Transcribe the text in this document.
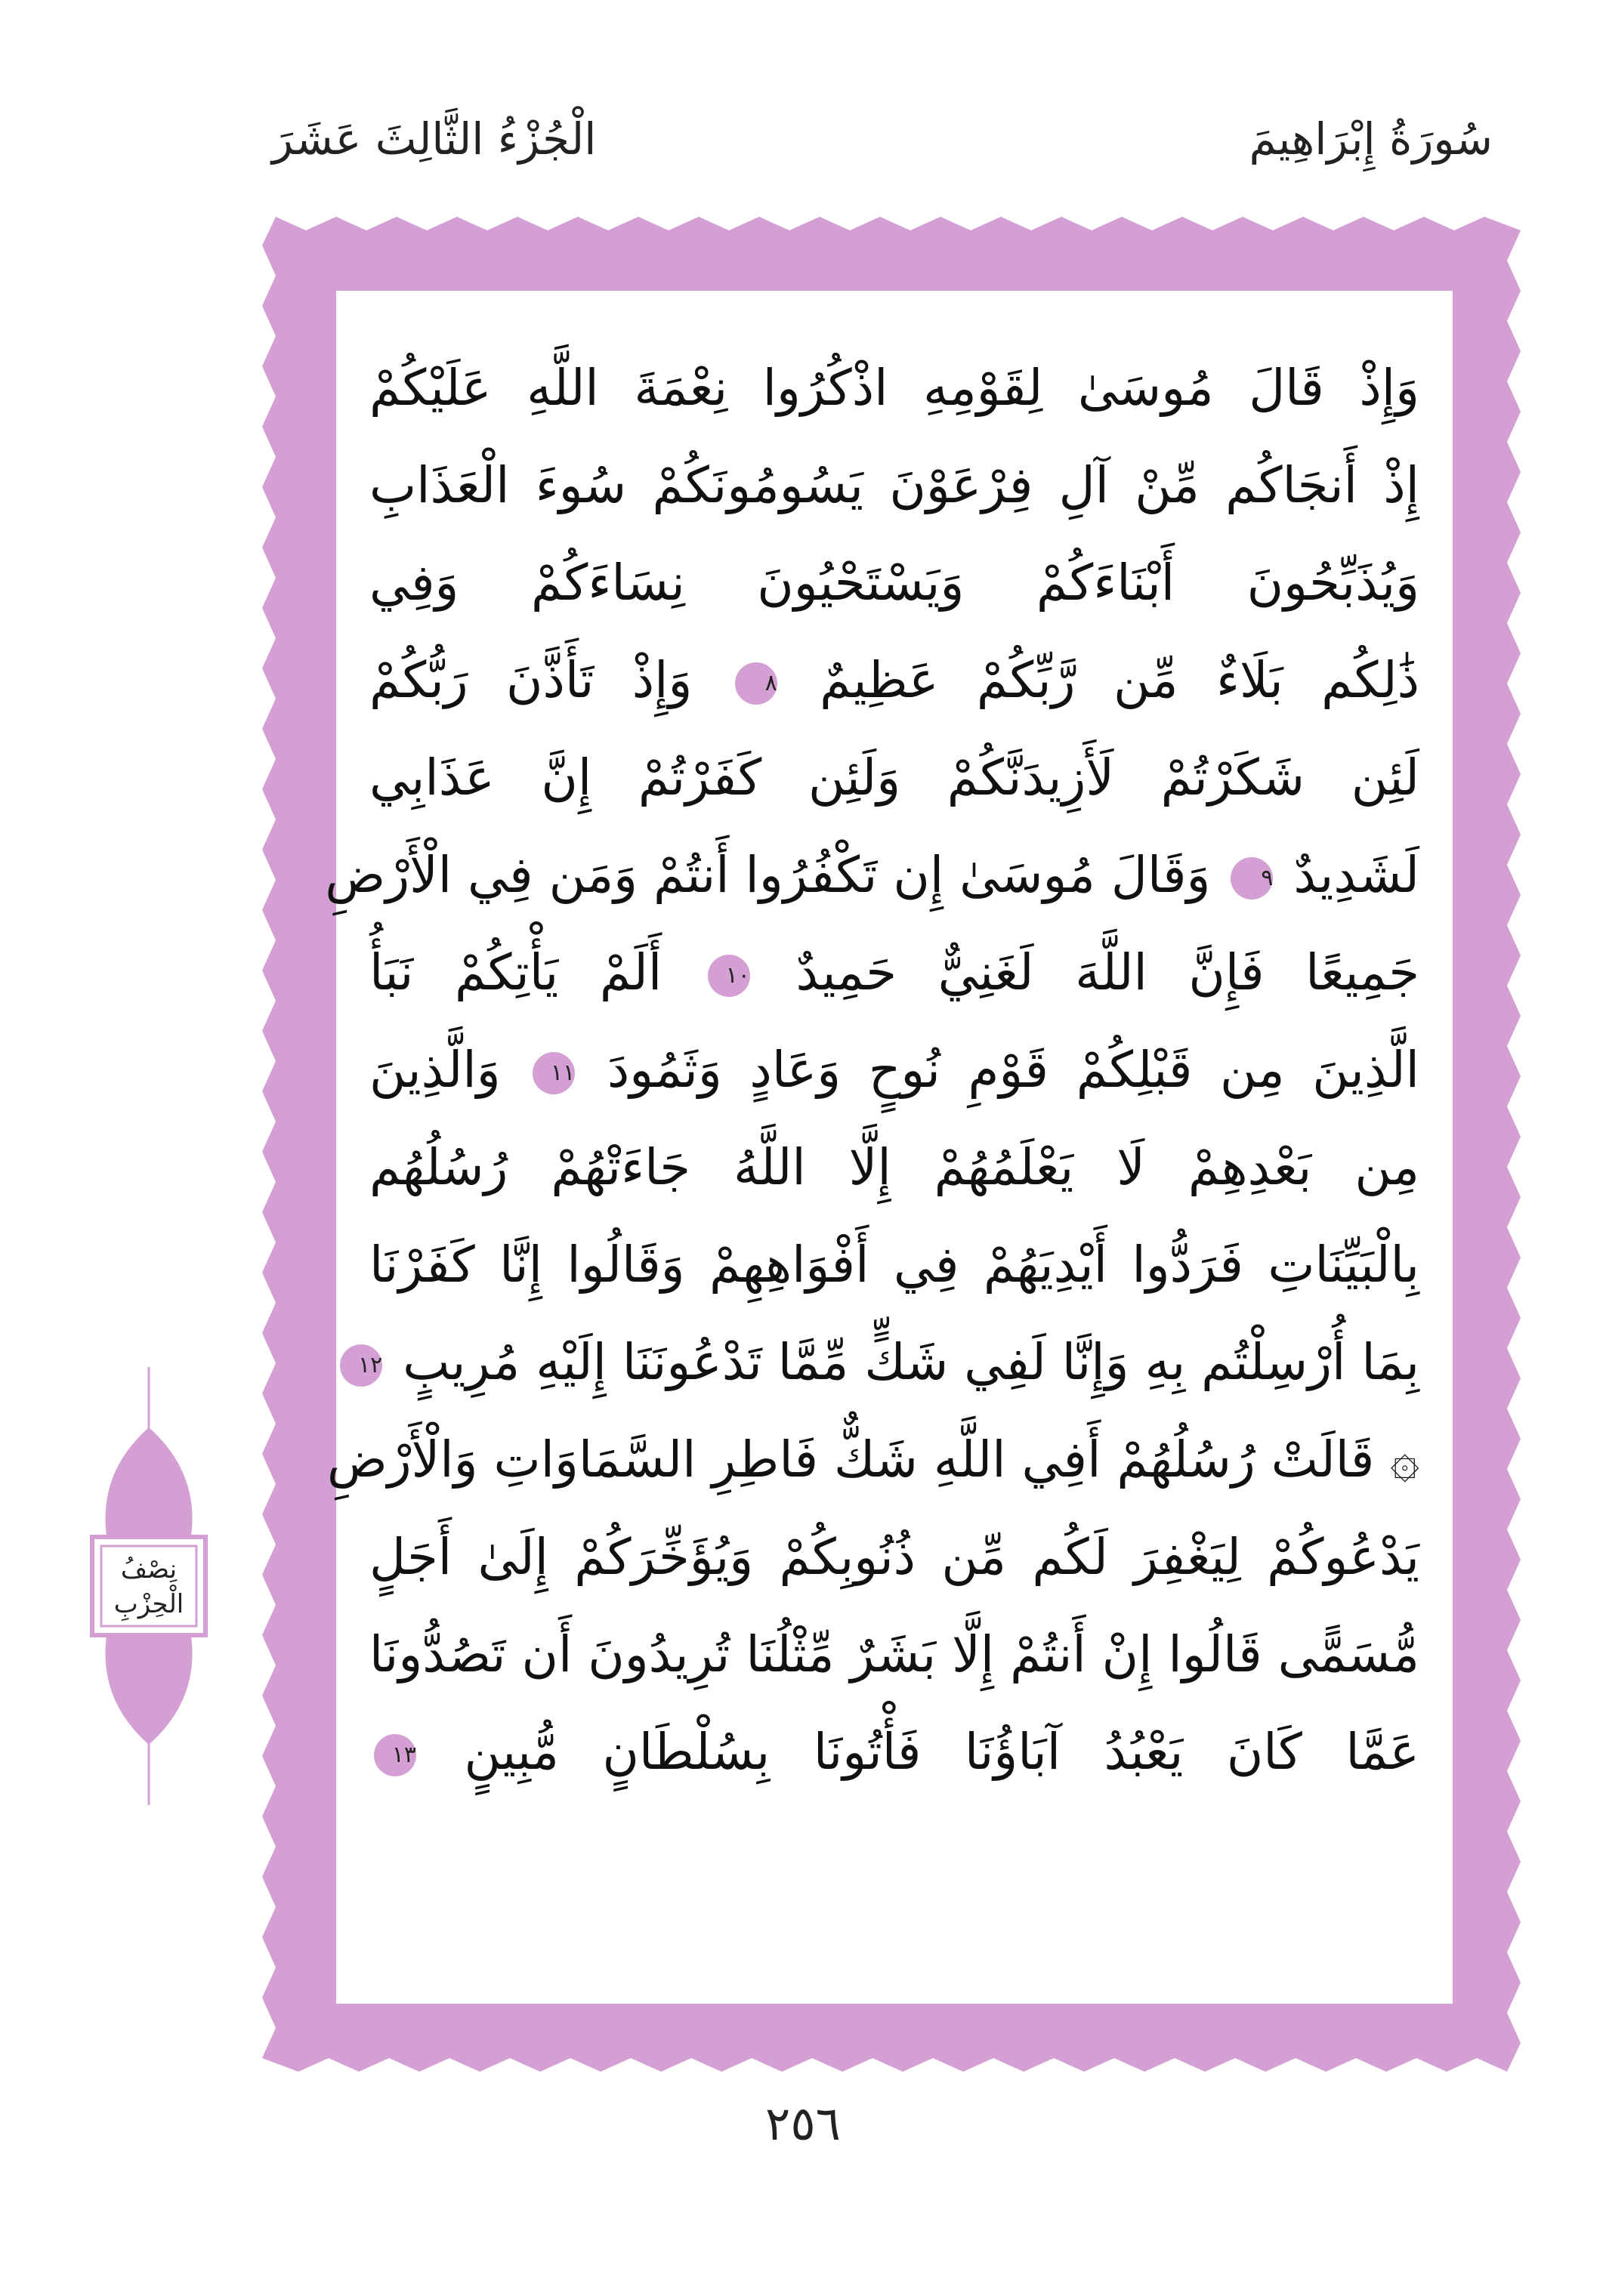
سُورَةُ إِبْرَاهِيمَ
الْجُزْءُ الثَّالِثَ عَشَرَ
وَإِذْ قَالَ مُوسَىٰ لِقَوْمِهِ اذْكُرُوا نِعْمَةَ اللَّهِ عَلَيْكُمْ
إِذْ أَنجَاكُم مِّنْ آلِ فِرْعَوْنَ يَسُومُونَكُمْ سُوءَ الْعَذَابِ
وَيُذَبِّحُونَ أَبْنَاءَكُمْ وَيَسْتَحْيُونَ نِسَاءَكُمْ وَفِي
ذَٰلِكُم بَلَاءٌ مِّن رَّبِّكُمْ عَظِيمٌ ٨ وَإِذْ تَأَذَّنَ رَبُّكُمْ
لَئِن شَكَرْتُمْ لَأَزِيدَنَّكُمْ وَلَئِن كَفَرْتُمْ إِنَّ عَذَابِي
لَشَدِيدٌ ٩ وَقَالَ مُوسَىٰ إِن تَكْفُرُوا أَنتُمْ وَمَن فِي الْأَرْضِ
جَمِيعًا فَإِنَّ اللَّهَ لَغَنِيٌّ حَمِيدٌ ١٠ أَلَمْ يَأْتِكُمْ نَبَأُ
الَّذِينَ مِن قَبْلِكُمْ قَوْمِ نُوحٍ وَعَادٍ وَثَمُودَ ١١ وَالَّذِينَ
مِن بَعْدِهِمْ لَا يَعْلَمُهُمْ إِلَّا اللَّهُ جَاءَتْهُمْ رُسُلُهُم
بِالْبَيِّنَاتِ فَرَدُّوا أَيْدِيَهُمْ فِي أَفْوَاهِهِمْ وَقَالُوا إِنَّا كَفَرْنَا
بِمَا أُرْسِلْتُم بِهِ وَإِنَّا لَفِي شَكٍّ مِّمَّا تَدْعُونَنَا إِلَيْهِ مُرِيبٍ ١٢
۞ قَالَتْ رُسُلُهُمْ أَفِي اللَّهِ شَكٌّ فَاطِرِ السَّمَاوَاتِ وَالْأَرْضِ
يَدْعُوكُمْ لِيَغْفِرَ لَكُم مِّن ذُنُوبِكُمْ وَيُؤَخِّرَكُمْ إِلَىٰ أَجَلٍ
مُّسَمًّى قَالُوا إِنْ أَنتُمْ إِلَّا بَشَرٌ مِّثْلُنَا تُرِيدُونَ أَن تَصُدُّونَا
عَمَّا كَانَ يَعْبُدُ آبَاؤُنَا فَأْتُونَا بِسُلْطَانٍ مُّبِينٍ ١٣
نِصْفُ
الْحِزْبِ
٢٥٦
